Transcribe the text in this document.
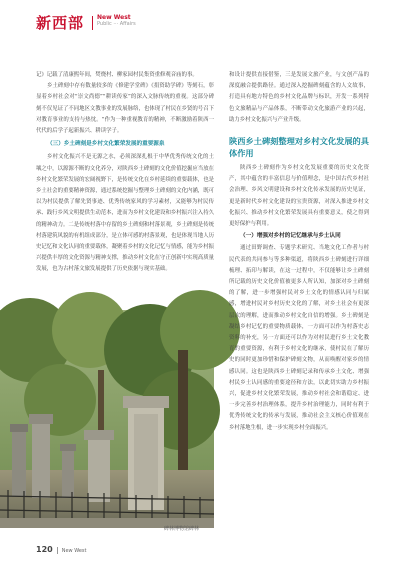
新西部 New West
Public ··· Affairs

记》记载了清康熙年间，焚烧村、柳家园村民集资重修观音庙的事。

乡土碑刻中存有数量较多的《修建学堂碑》《捐资助学碑》等刻石，彰显着乡村社会对“崇文尚德”“耕读传家”的深入文脉传统的重视。这部分碑刻不仅见证了不同地区文教事业的发展脉络，也体现了村民在乡贤的号召下对教育事业的支持与热忱。“作为一种重视教育的精神，不断激励着陕西一代代的后学子起新振兴、耕读学子。

（三）乡土碑刻是乡村文化繁荣发展的重要源泉

乡村文化振兴不是无源之水，必须深深扎根于中华优秀传统文化的土壤之中，以源源不断的文化养分，对陕西乡土碑刻的文化价值挖掘应当放在乡村文化繁荣发展的宏阔视野下，是传统文化在乡村延续的重要载体，也是乡土社会的重要精神资源，通过系统挖掘与整理乡土碑刻的文化内涵，既可以为村民提供了解先贤事迹、优秀传统家风的学习素材，又能够为村民传承、践行乡风文明提供生动范本，进而为乡村文化建设和乡村振兴注入持久的精神动力。二是传统村落中存留的乡土碑刻和村落景观，乡土碑刻是传统村落建筑风貌的有机组成部分，是立体可感的村落景观，也是体现当地人历史记忆和文化认同的重要载体，凝聚着乡村的文化记忆与情感，能为乡村振兴提供丰厚的文化资源与精神支撑，推动乡村文化在守正创新中实现高质量发展，也为古村落文旅发展提供了历史依据与现实基础。

碑林博物馆碑林

和设计提供直接借鉴，三是发展文旅产业，与文创产品的深度融合提供路径。通过深入挖掘碑刻蕴含的人文故事，打造具有地方特色的乡村文化品牌与标识，开发一系列特色文旅精品与产品体系，不断带动文化旅游产业的兴起，助力乡村文化振兴与产业升级。

陕西乡土碑刻整理对乡村文化发展的具体作用

陕西乡土碑刻作为乡村文化发展重要的历史文化资产，其中蕴含的丰富信息与价值理念，是中国古代乡村社会治理、乡风文明建设和乡村文化传承发展的历史见证，更是新时代乡村文化建设的宝贵资源，对深入推进乡村文化振兴、推动乡村文化繁荣发展具有重要意义，使之得到更好保护与利用。

（一）增强对乡村的记忆继承与乡土认同

通过田野调查、专题学术研究、当地文化工作者与村民代表的共同参与等多种渠道，将陕西乡土碑刻进行详细梳理、拓印与解读，在这一过程中，不仅能够让乡土碑刻所记载的历史文化价值被更多人所认知，加深对乡土碑刻的了解，进一步增强村民对乡土文化的情感认同与归属感，增进村民对乡村历史文化的了解，对乡土社会有更深层次的理解，进而推动乡村文化自信的增强。乡土碑刻是凝结乡村记忆的重要物质载体，一方面可以作为村落史志资料的补充，另一方面还可以作为对村民进行乡土文化教育的重要资源，有利于乡村文化的继承，使村民在了解历史的同时更加珍惜和保护碑刻文物，从而唤醒对家乡的情感认同。这也是陕西乡土碑刻记录和传承乡土文化、增强村民乡土认同感的重要途径和方法，以此切实助力乡村振兴，促进乡村文化繁荣发展，推动乡村社会和谐稳定、进一步完善乡村治理体系，提升乡村治理能力，同时有利于优秀传统文化的传承与发展，推动社会主义核心价值观在乡村落地生根，进一步实现乡村全面振兴。

120 New West
